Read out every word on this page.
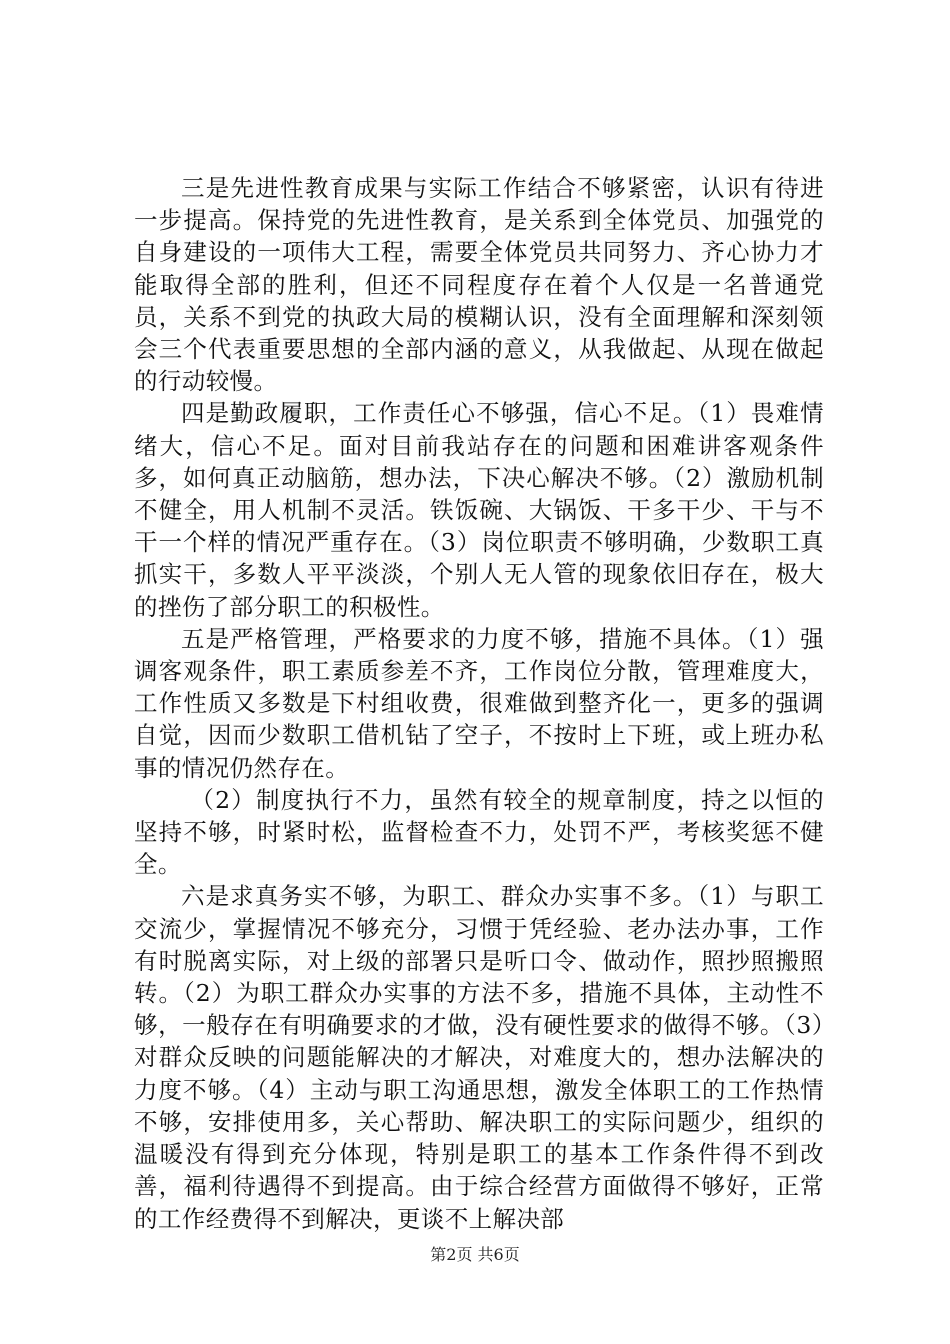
三是先进性教育成果与实际工作结合不够紧密，认识有待进一步提高。保持党的先进性教育，是关系到全体党员、加强党的自身建设的一项伟大工程，需要全体党员共同努力、齐心协力才能取得全部的胜利，但还不同程度存在着个人仅是一名普通党员，关系不到党的执政大局的模糊认识，没有全面理解和深刻领会三个代表重要思想的全部内涵的意义，从我做起、从现在做起的行动较慢。

四是勤政履职，工作责任心不够强，信心不足。（1）畏难情绪大，信心不足。面对目前我站存在的问题和困难讲客观条件多，如何真正动脑筋，想办法，下决心解决不够。（2）激励机制不健全，用人机制不灵活。铁饭碗、大锅饭、干多干少、干与不干一个样的情况严重存在。（3）岗位职责不够明确，少数职工真抓实干，多数人平平淡淡，个别人无人管的现象依旧存在，极大的挫伤了部分职工的积极性。

五是严格管理，严格要求的力度不够，措施不具体。（1）强调客观条件，职工素质参差不齐，工作岗位分散，管理难度大，工作性质又多数是下村组收费，很难做到整齐化一，更多的强调自觉，因而少数职工借机钻了空子，不按时上下班，或上班办私事的情况仍然存在。

（2）制度执行不力，虽然有较全的规章制度，持之以恒的坚持不够，时紧时松，监督检查不力，处罚不严，考核奖惩不健全。

六是求真务实不够，为职工、群众办实事不多。（1）与职工交流少，掌握情况不够充分，习惯于凭经验、老办法办事，工作有时脱离实际，对上级的部署只是听口令、做动作，照抄照搬照转。（2）为职工群众办实事的方法不多，措施不具体，主动性不够，一般存在有明确要求的才做，没有硬性要求的做得不够。（3）对群众反映的问题能解决的才解决，对难度大的，想办法解决的力度不够。（4）主动与职工沟通思想，激发全体职工的工作热情不够，安排使用多，关心帮助、解决职工的实际问题少，组织的温暖没有得到充分体现，特别是职工的基本工作条件得不到改善，福利待遇得不到提高。由于综合经营方面做得不够好，正常的工作经费得不到解决，更谈不上解决部

第2页 共6页
